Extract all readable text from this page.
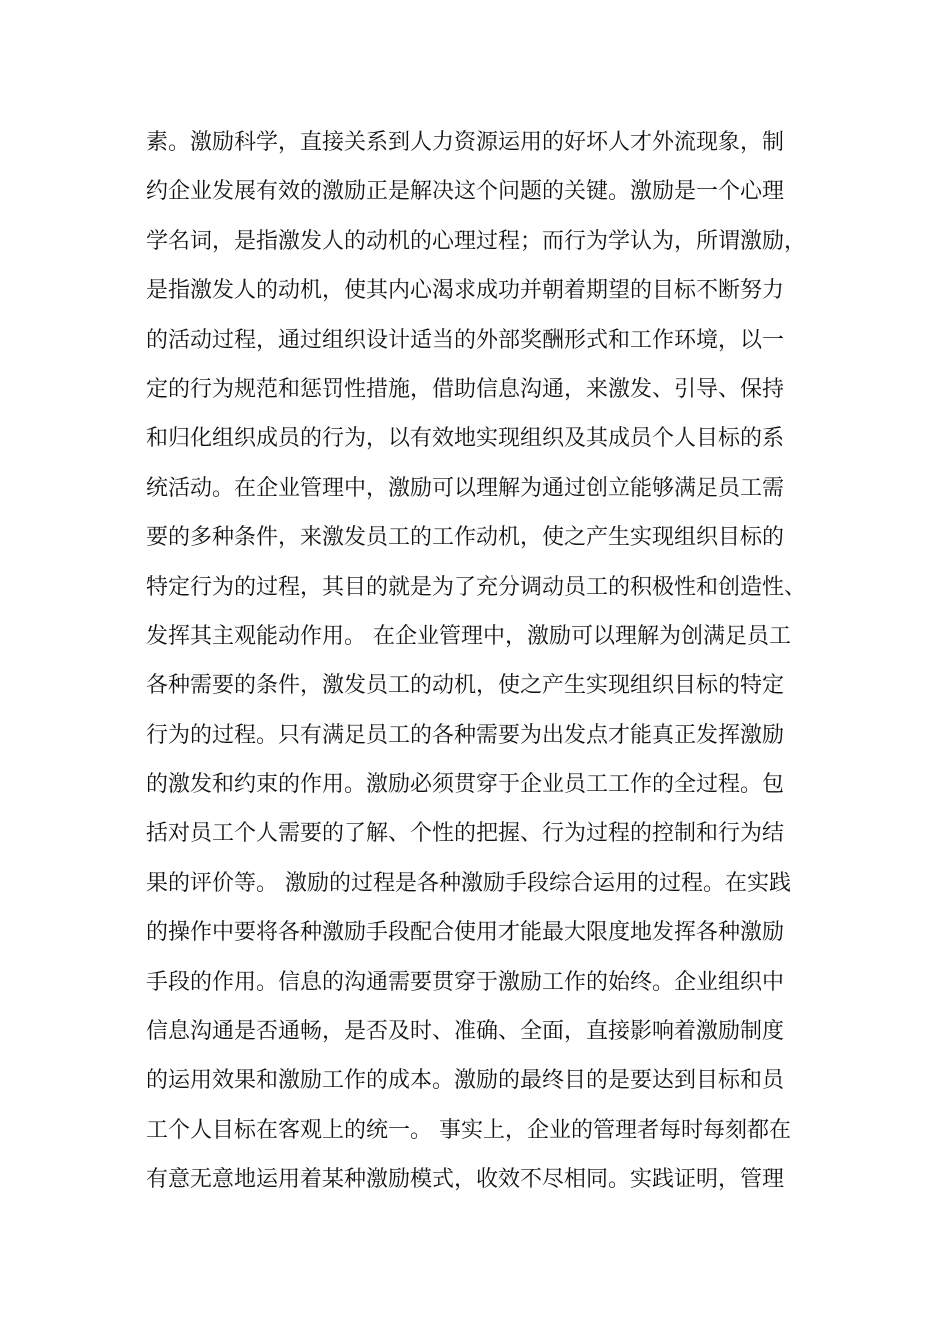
素。激励科学，直接关系到人力资源运用的好坏人才外流现象，制
约企业发展有效的激励正是解决这个问题的关键。激励是一个心理
学名词，是指激发人的动机的心理过程；而行为学认为，所谓激励，
是指激发人的动机，使其内心渴求成功并朝着期望的目标不断努力
的活动过程，通过组织设计适当的外部奖酬形式和工作环境，以一
定的行为规范和惩罚性措施，借助信息沟通，来激发、引导、保持
和归化组织成员的行为，以有效地实现组织及其成员个人目标的系
统活动。在企业管理中，激励可以理解为通过创立能够满足员工需
要的多种条件，来激发员工的工作动机，使之产生实现组织目标的
特定行为的过程，其目的就是为了充分调动员工的积极性和创造性、
发挥其主观能动作用。 在企业管理中，激励可以理解为创满足员工
各种需要的条件，激发员工的动机，使之产生实现组织目标的特定
行为的过程。只有满足员工的各种需要为出发点才能真正发挥激励
的激发和约束的作用。激励必须贯穿于企业员工工作的全过程。包
括对员工个人需要的了解、个性的把握、行为过程的控制和行为结
果的评价等。 激励的过程是各种激励手段综合运用的过程。在实践
的操作中要将各种激励手段配合使用才能最大限度地发挥各种激励
手段的作用。信息的沟通需要贯穿于激励工作的始终。企业组织中
信息沟通是否通畅，是否及时、准确、全面，直接影响着激励制度
的运用效果和激励工作的成本。激励的最终目的是要达到目标和员
工个人目标在客观上的统一。 事实上，企业的管理者每时每刻都在
有意无意地运用着某种激励模式，收效不尽相同。实践证明，管理
